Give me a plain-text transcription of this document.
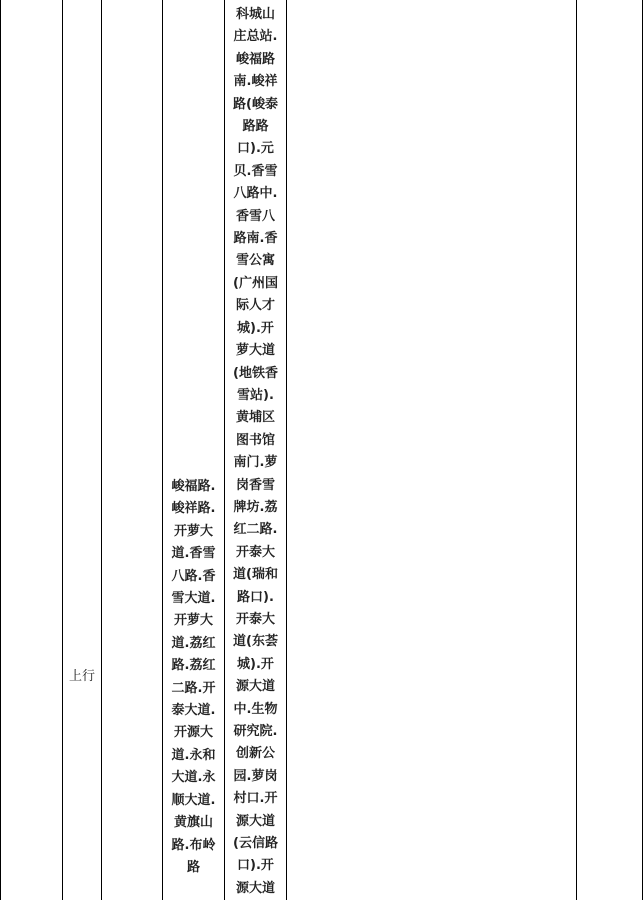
上行
峻福路.
峻祥路.
开萝大
道.香雪
八路.香
雪大道.
开萝大
道.荔红
路.荔红
二路.开
泰大道.
开源大
道.永和
大道.永
顺大道.
黄旗山
路.布岭
路
科城山
庄总站.
峻福路
南.峻祥
路(峻泰
路路
口).元
贝.香雪
八路中.
香雪八
路南.香
雪公寓
(广州国
际人才
城).开
萝大道
(地铁香
雪站).
黄埔区
图书馆
南门.萝
岗香雪
牌坊.荔
红二路.
开泰大
道(瑞和
路口).
开泰大
道(东荟
城).开
源大道
中.生物
研究院.
创新公
园.萝岗
村口.开
源大道
(云信路
口).开
源大道
